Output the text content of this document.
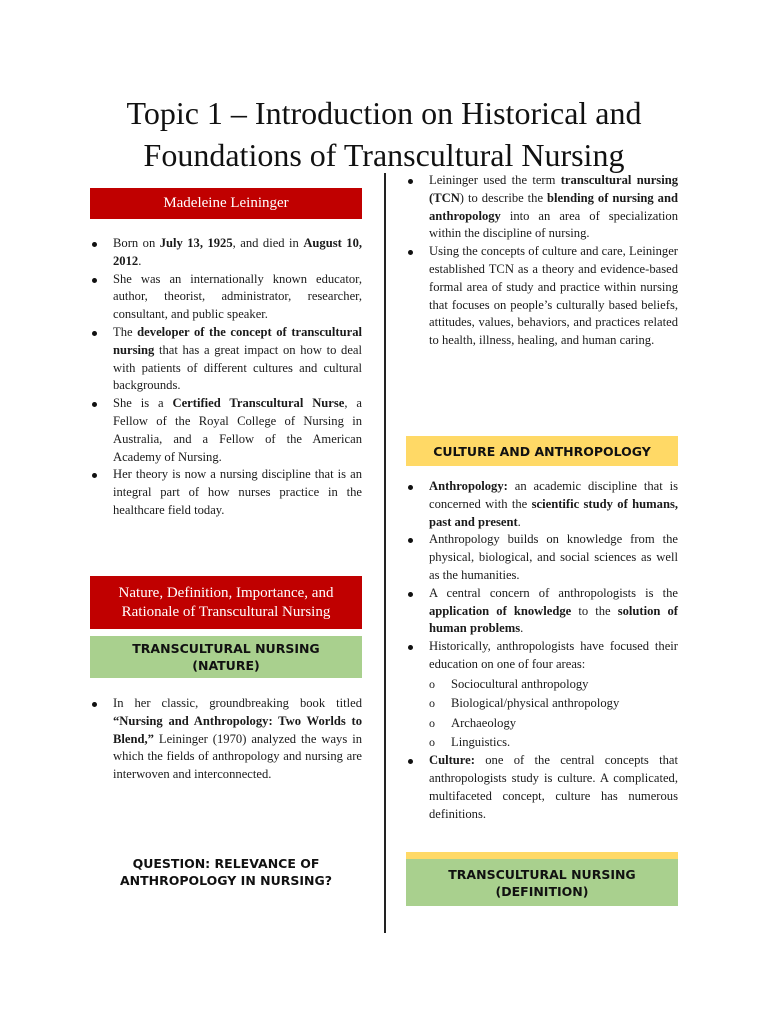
Topic 1 – Introduction on Historical and
Foundations of Transcultural Nursing
Madeleine Leininger
Born on July 13, 1925, and died in August 10, 2012.
She was an internationally known educator, author, theorist, administrator, researcher, consultant, and public speaker.
The developer of the concept of transcultural nursing that has a great impact on how to deal with patients of different cultures and cultural backgrounds.
She is a Certified Transcultural Nurse, a Fellow of the Royal College of Nursing in Australia, and a Fellow of the American Academy of Nursing.
Her theory is now a nursing discipline that is an integral part of how nurses practice in the healthcare field today.
Nature, Definition, Importance, and
Rationale of Transcultural Nursing
TRANSCULTURAL NURSING
(NATURE)
In her classic, groundbreaking book titled “Nursing and Anthropology: Two Worlds to Blend,” Leininger (1970) analyzed the ways in which the fields of anthropology and nursing are interwoven and interconnected.
QUESTION: RELEVANCE OF
ANTHROPOLOGY IN NURSING?
Leininger used the term transcultural nursing (TCN) to describe the blending of nursing and anthropology into an area of specialization within the discipline of nursing.
Using the concepts of culture and care, Leininger established TCN as a theory and evidence-based formal area of study and practice within nursing that focuses on people’s culturally based beliefs, attitudes, values, behaviors, and practices related to health, illness, healing, and human caring.
CULTURE AND ANTHROPOLOGY
Anthropology: an academic discipline that is concerned with the scientific study of humans, past and present.
Anthropology builds on knowledge from the physical, biological, and social sciences as well as the humanities.
A central concern of anthropologists is the application of knowledge to the solution of human problems.
Historically, anthropologists have focused their education on one of four areas:
o Sociocultural anthropology
o Biological/physical anthropology
o Archaeology
o Linguistics.
Culture: one of the central concepts that anthropologists study is culture. A complicated, multifaceted concept, culture has numerous definitions.
TRANSCULTURAL NURSING
(DEFINITION)
